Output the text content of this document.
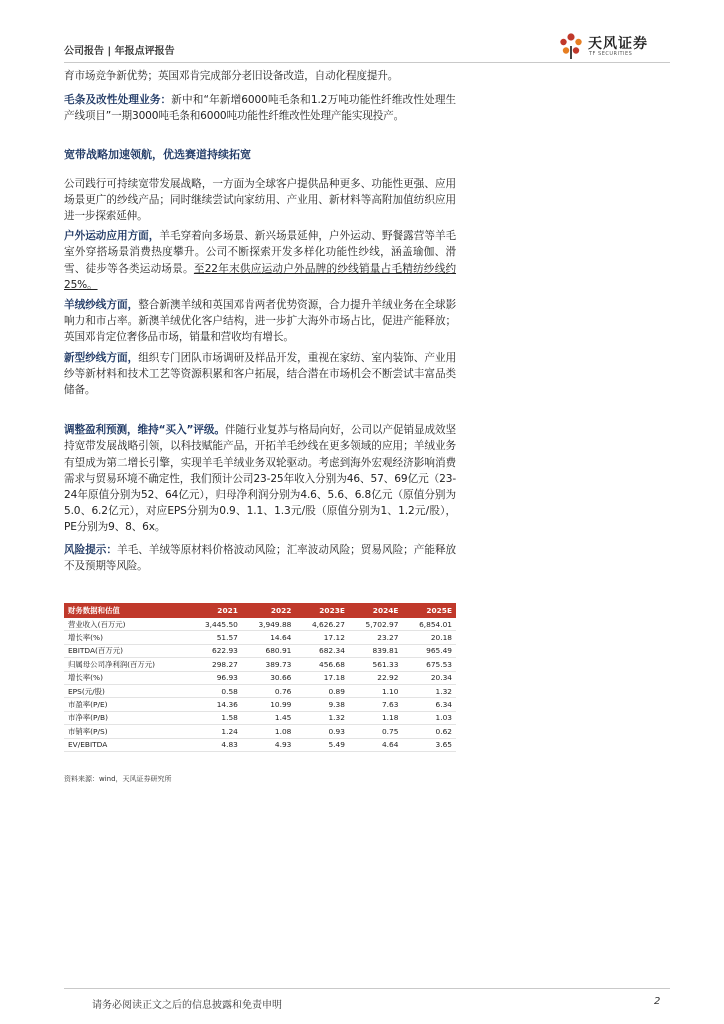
公司报告 | 年报点评报告	天风证券
TF SECURITIES

育市场竞争新优势；英国邓肯完成部分老旧设备改造，自动化程度提升。

毛条及改性处理业务：新中和“年新增6000吨毛条和1.2万吨功能性纤维改性处理生产线项目”一期3000吨毛条和6000吨功能性纤维改性处理产能实现投产。

宽带战略加速领航，优选赛道持续拓宽

公司践行可持续宽带发展战略，一方面为全球客户提供品种更多、功能性更强、应用场景更广的纱线产品；同时继续尝试向家纺用、产业用、新材料等高附加值纺织应用进一步探索延伸。

户外运动应用方面，羊毛穿着向多场景、新兴场景延伸，户外运动、野餐露营等羊毛室外穿搭场景消费热度攀升。公司不断探索开发多样化功能性纱线，涵盖瑜伽、滑雪、徒步等各类运动场景。至22年末供应运动户外品牌的纱线销量占毛精纺纱线约25%。

羊绒纱线方面，整合新澳羊绒和英国邓肯两者优势资源，合力提升羊绒业务在全球影响力和市占率。新澳羊绒优化客户结构，进一步扩大海外市场占比，促进产能释放；英国邓肯定位奢侈品市场，销量和营收均有增长。

新型纱线方面，组织专门团队市场调研及样品开发，重视在家纺、室内装饰、产业用纱等新材料和技术工艺等资源积累和客户拓展，结合潜在市场机会不断尝试丰富品类储备。

调整盈利预测，维持“买入”评级。伴随行业复苏与格局向好，公司以产促销显成效坚持宽带发展战略引领，以科技赋能产品，开拓羊毛纱线在更多领域的应用；羊绒业务有望成为第二增长引擎，实现羊毛羊绒业务双轮驱动。考虑到海外宏观经济影响消费需求与贸易环境不确定性，我们预计公司23-25年收入分别为46、57、69亿元（23-24年原值分别为52、64亿元），归母净利润分别为4.6、5.6、6.8亿元（原值分别为5.0、6.2亿元），对应EPS分别为0.9、1.1、1.3元/股（原值分别为1、1.2元/股），PE分别为9、8、6x。

风险提示：羊毛、羊绒等原材料价格波动风险；汇率波动风险；贸易风险；产能释放不及预期等风险。

财务数据和估值	2021	2022	2023E	2024E	2025E
营业收入(百万元)	3,445.50	3,949.88	4,626.27	5,702.97	6,854.01
增长率(%)	51.57	14.64	17.12	23.27	20.18
EBITDA(百万元)	622.93	680.91	682.34	839.81	965.49
归属母公司净利润(百万元)	298.27	389.73	456.68	561.33	675.53
增长率(%)	96.93	30.66	17.18	22.92	20.34
EPS(元/股)	0.58	0.76	0.89	1.10	1.32
市盈率(P/E)	14.36	10.99	9.38	7.63	6.34
市净率(P/B)	1.58	1.45	1.32	1.18	1.03
市销率(P/S)	1.24	1.08	0.93	0.75	0.62
EV/EBITDA	4.83	4.93	5.49	4.64	3.65
资料来源：wind，天风证券研究所
请务必阅读正文之后的信息披露和免责申明	2
